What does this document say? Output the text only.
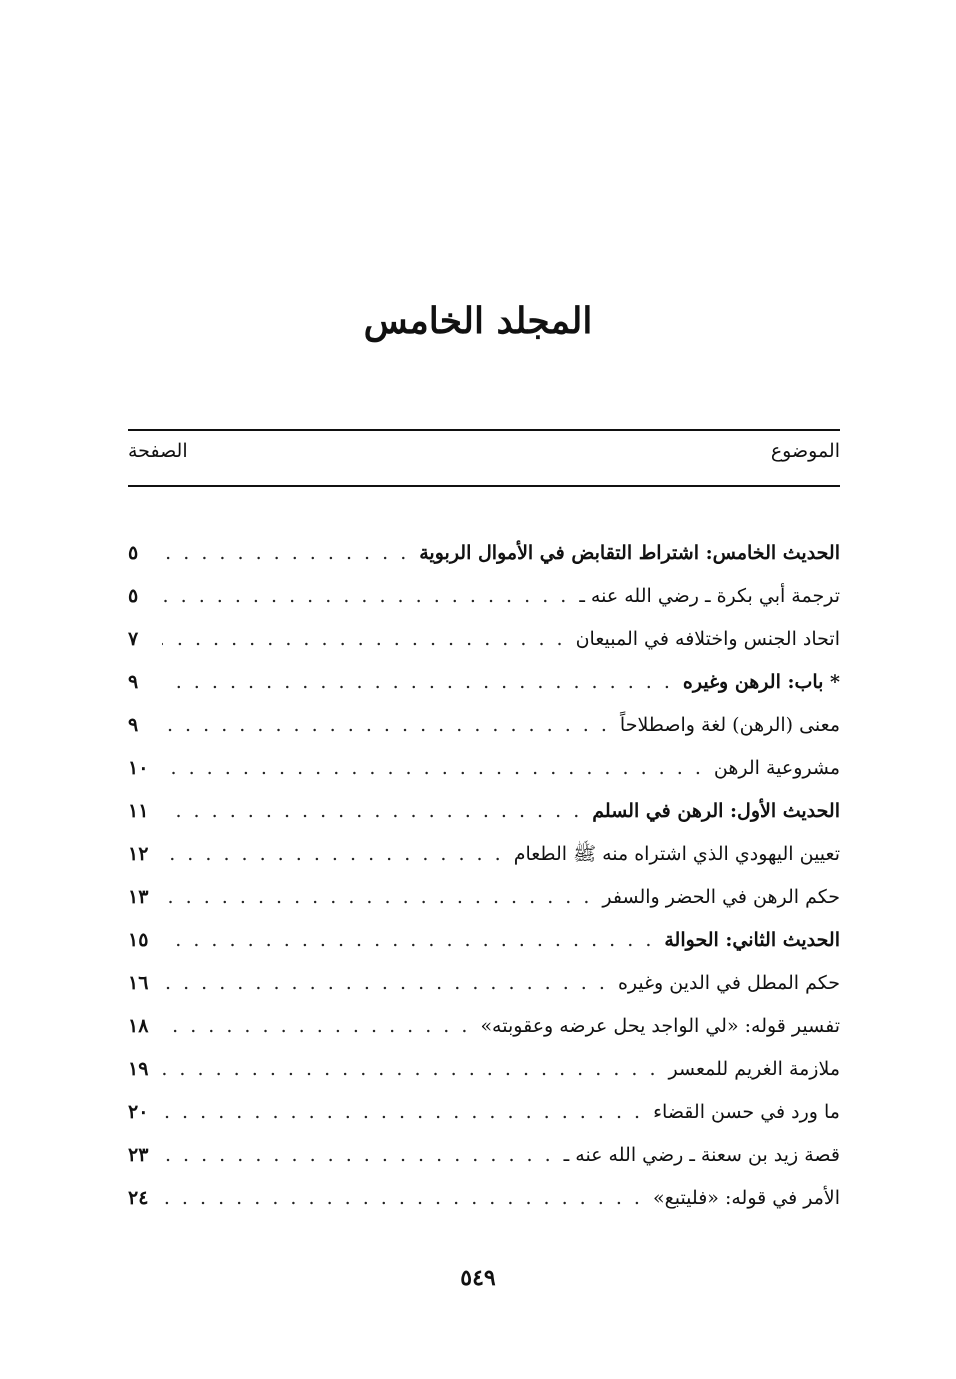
المجلد الخامس
الموضوع
الصفحة
الحديث الخامس: اشتراط التقابض في الأموال الربوية
. . .
٥
ترجمة أبي بكرة ـ رضي الله عنه ـ
. . .
٥
اتحاد الجنس واختلافه في المبيعان
. . .
٧
* باب: الرهن وغيره
. . .
٩
معنى (الرهن) لغة واصطلاحاً
. . .
٩
مشروعية الرهن
. . .
١٠
الحديث الأول: الرهن في السلم
. . .
١١
تعيين اليهودي الذي اشتراه منه ﷺ الطعام
. . .
١٢
حكم الرهن في الحضر والسفر
. . .
١٣
الحديث الثاني: الحوالة
. . .
١٥
حكم المطل في الدين وغيره
. . .
١٦
تفسير قوله: «لي الواجد يحل عرضه وعقوبته»
. . .
١٨
ملازمة الغريم للمعسر
. . .
١٩
ما ورد في حسن القضاء
. . .
٢٠
قصة زيد بن سعنة ـ رضي الله عنه ـ
. . .
٢٣
الأمر في قوله: «فليتبع»
. . .
٢٤
٥٤٩
